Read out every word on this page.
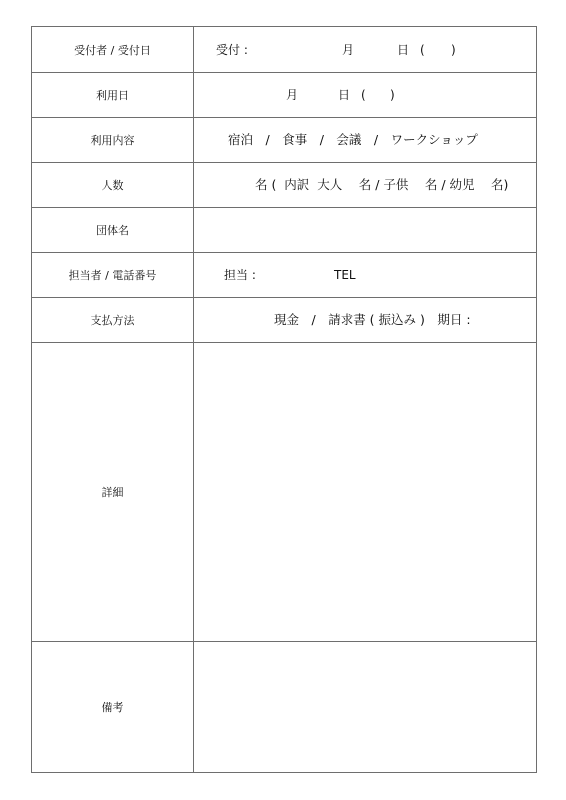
受付者 / 受付日	受付 :	月	日 ( )
利用日	月	日 ( )
利用内容	宿泊　/　食事　/　会議　/　ワークショップ
人数	名 (  内訳  大人　 名 / 子供　 名 / 幼児　 名)
団体名
担当者 / 電話番号	担当 :	TEL
支払方法	現金　/　請求書 ( 振込み )　期日 :
詳細
備考
